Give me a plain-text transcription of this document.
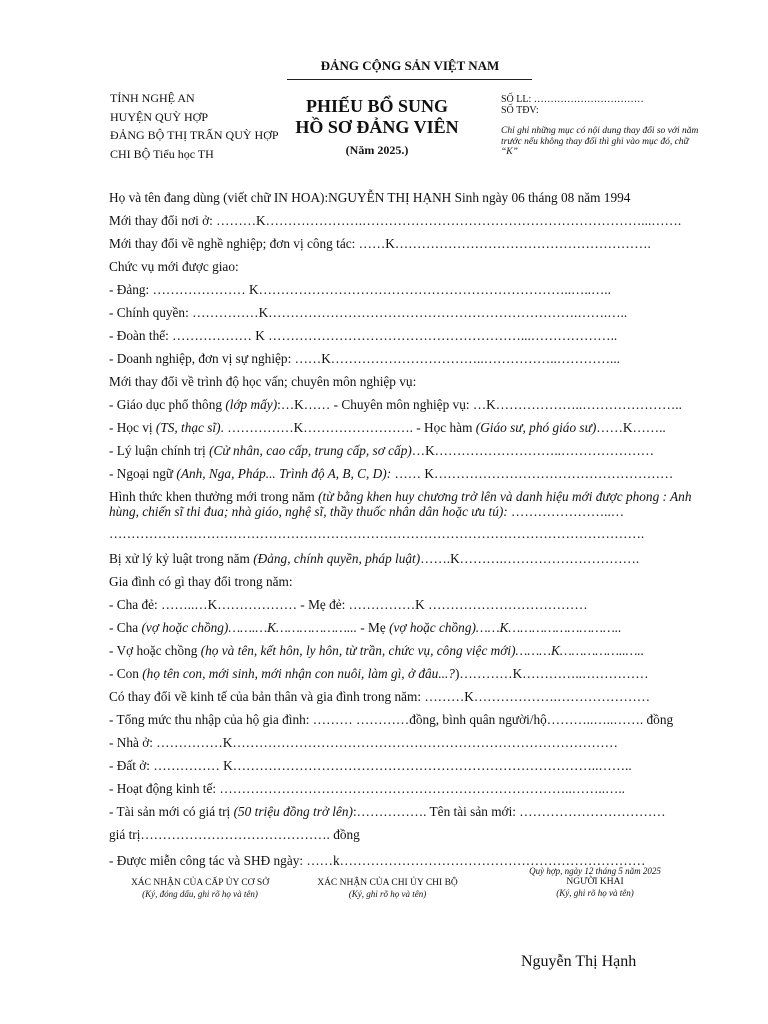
ĐẢNG CỘNG SẢN VIỆT NAM
TỈNH NGHỆ AN
HUYỆN QUỲ HỢP
ĐẢNG BỘ THỊ TRẤN QUỲ HỢP
CHI BỘ Tiểu học TH
PHIẾU BỔ SUNG
HỒ SƠ ĐẢNG VIÊN
(Năm 2025.)
SỐ LL: ……………………………
SỐ TĐV:
Chỉ ghi những mục có nội dung thay đổi so với năm trước nếu không thay đổi thì ghi vào mục đó, chữ “K”
Họ và tên đang dùng (viết chữ IN HOA):NGUYỄN THỊ HẠNH Sinh ngày 06 tháng 08 năm 1994
Mới thay đổi nơi ở: ………K………………….………………………………………………………...…….
Mới thay đổi về nghề nghiệp; đơn vị công tác: ……K………………………………………………….
Chức vụ mới được giao:
- Đảng: ………………… K……………………………………………………………..…..…..
- Chính quyền: ……………K…………………………………………………………….…….…..
- Đoàn thể: ……………… K …………………………………………………...………………..
- Doanh nghiệp, đơn vị sự nghiệp: ……K……………………………..……………..…………...
Mới thay đổi về trình độ học vấn; chuyên môn nghiệp vụ:
- Giáo dục phổ thông (lớp mấy):…K…… - Chuyên môn nghiệp vụ: …K………………..…………………..
- Học vị (TS, thạc sĩ). ……………K……………………. - Học hàm (Giáo sư, phó giáo sư)……K……..
- Lý luận chính trị (Cử nhân, cao cấp, trung cấp, sơ cấp)…K………………………..…………………
- Ngoại ngữ (Anh, Nga, Pháp... Trình độ A, B, C, D): …… K………………………………………………
Hình thức khen thưởng mới trong năm (từ bằng khen huy chương trở lên và danh hiệu mới được phong : Anh hùng, chiến sĩ thi đua; nhà giáo, nghệ sĩ, thầy thuốc nhân dân hoặc ưu tú): …………………..…
………………………………………………………………………………………………………….
Bị xử lý kỷ luật trong năm (Đảng, chính quyền, pháp luật)…….K……….………………………….
Gia đình có gì thay đổi trong năm:
- Cha đẻ: ……..…K……………… - Mẹ đẻ: ……………K ………………………………
- Cha (vợ hoặc chồng)…….…K………………... - Mẹ (vợ hoặc chồng)……K………………………..
- Vợ hoặc chồng (họ và tên, kết hôn, ly hôn, từ trần, chức vụ, công việc mới)………K……………..…..
- Con (họ tên con, mới sinh, mới nhận con nuôi, làm gì, ở đâu...?)…………K…………..……………
Có thay đổi về kinh tế của bản thân và gia đình trong năm: ………K……………….…………………
- Tổng mức thu nhập của hộ gia đình: ……… …………đồng, bình quân người/hộ………..…..……. đồng
- Nhà ở: ……………K……………………………………………………………………………
- Đất ở: …………… K………………………………………………………………………..……..
- Hoạt động kinh tế: ……………………………………………………………………..……..…..
- Tài sản mới có giá trị (50 triệu đồng trở lên):……………. Tên tài sản mới: ……………………………
giá trị……………………………………. đồng
- Được miễn công tác và SHĐ ngày: ……k……………………………………………………………
XÁC NHẬN CỦA CẤP ỦY CƠ SỞ
(Ký, đóng dấu, ghi rõ họ và tên)
XÁC NHẬN CỦA CHI ỦY CHI BỘ
(Ký, ghi rõ họ và tên)
Quỳ hợp, ngày 12 tháng 5 năm 2025
NGƯỜI KHAI
(Ký, ghi rõ họ và tên)
Nguyễn Thị Hạnh
